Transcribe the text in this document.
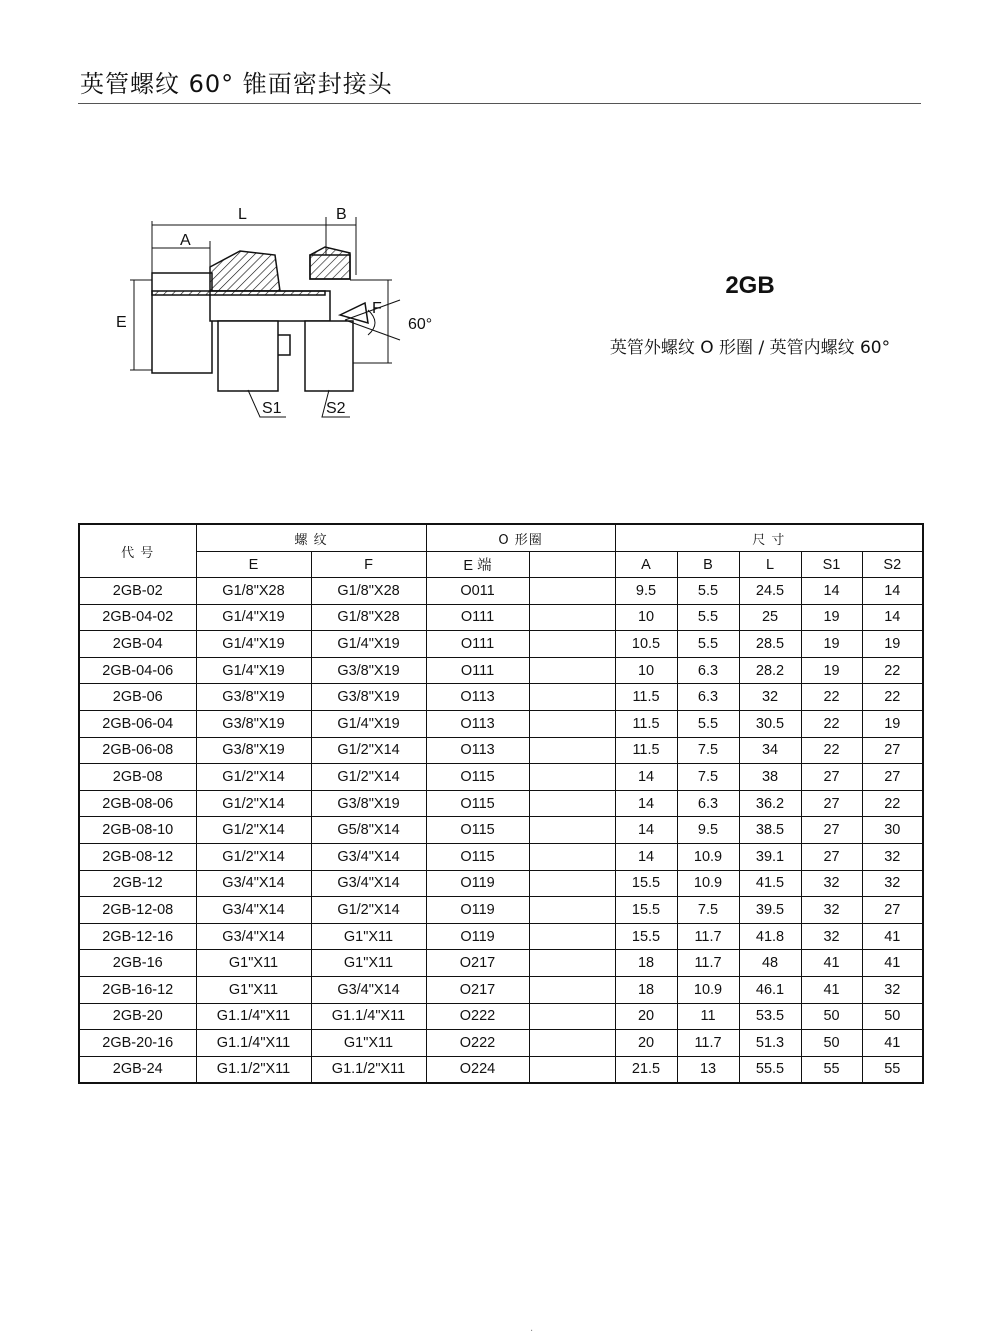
英管螺纹 60° 锥面密封接头
L	B
A
E
F
60°
S1	S2
2GB
英管外螺纹 O 形圈 / 英管内螺纹 60°
代 号	螺 纹		O 形圈		尺 寸				
	E	F	E 端		A	B	L	S1	S2
2GB-02	G1/8"X28	G1/8"X28	O011		9.5	5.5	24.5	14	14
2GB-04-02	G1/4"X19	G1/8"X28	O111		10	5.5	25	19	14
2GB-04	G1/4"X19	G1/4"X19	O111		10.5	5.5	28.5	19	19
2GB-04-06	G1/4"X19	G3/8"X19	O111		10	6.3	28.2	19	22
2GB-06	G3/8"X19	G3/8"X19	O113		11.5	6.3	32	22	22
2GB-06-04	G3/8"X19	G1/4"X19	O113		11.5	5.5	30.5	22	19
2GB-06-08	G3/8"X19	G1/2"X14	O113		11.5	7.5	34	22	27
2GB-08	G1/2"X14	G1/2"X14	O115		14	7.5	38	27	27
2GB-08-06	G1/2"X14	G3/8"X19	O115		14	6.3	36.2	27	22
2GB-08-10	G1/2"X14	G5/8"X14	O115		14	9.5	38.5	27	30
2GB-08-12	G1/2"X14	G3/4"X14	O115		14	10.9	39.1	27	32
2GB-12	G3/4"X14	G3/4"X14	O119		15.5	10.9	41.5	32	32
2GB-12-08	G3/4"X14	G1/2"X14	O119		15.5	7.5	39.5	32	27
2GB-12-16	G3/4"X14	G1"X11	O119		15.5	11.7	41.8	32	41
2GB-16	G1"X11	G1"X11	O217		18	11.7	48	41	41
2GB-16-12	G1"X11	G3/4"X14	O217		18	10.9	46.1	41	32
2GB-20	G1.1/4"X11	G1.1/4"X11	O222		20	11	53.5	50	50
2GB-20-16	G1.1/4"X11	G1"X11	O222		20	11.7	51.3	50	41
2GB-24	G1.1/2"X11	G1.1/2"X11	O224		21.5	13	55.5	55	55
·
